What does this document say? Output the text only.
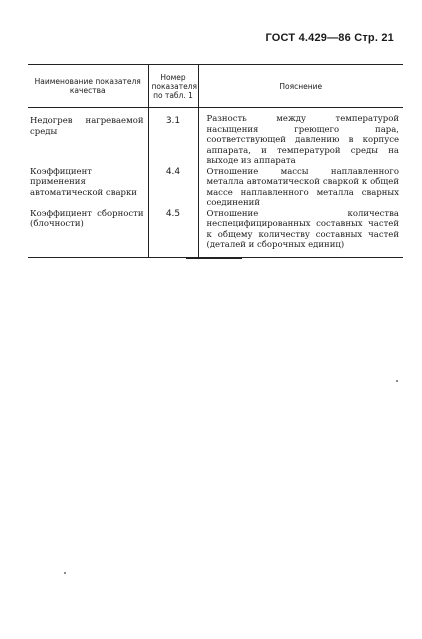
ГОСТ 4.429—86 Стр. 21
Наименование показателя качества	Номер показателя по табл. 1	Пояснение
Недогрев нагреваемой среды	3.1	Разность между температурой насыщения греющего пара, соответствующей давлению в корпусе аппарата, и температурой среды на выходе из аппарата
Коэффициент применения автоматической сварки	4.4	Отношение массы наплавленного металла автоматической сваркой к общей массе наплавленного металла сварных соединений
Коэффициент сборности (блочности)	4.5	Отношение количества неспецифицированных составных частей к общему количеству составных частей (деталей и сборочных единиц)
